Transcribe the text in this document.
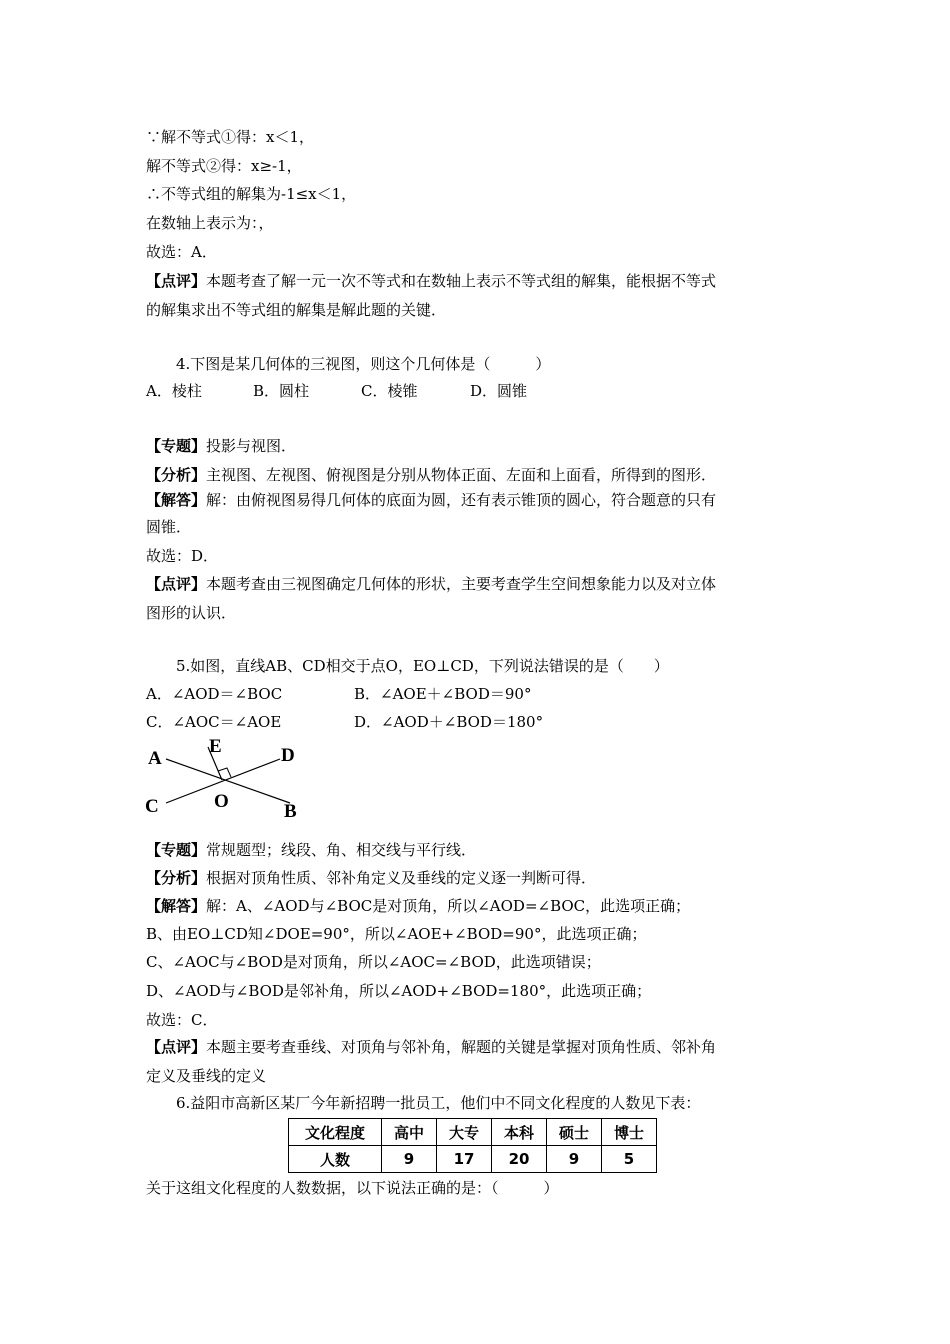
∵解不等式①得：x＜1，
解不等式②得：x≥-1，
∴不等式组的解集为-1≤x＜1，
在数轴上表示为：，
故选：A．
【点评】本题考查了解一元一次不等式和在数轴上表示不等式组的解集，能根据不等式
的解集求出不等式组的解集是解此题的关键．
4.下图是某几何体的三视图，则这个几何体是（　　　）
A．棱柱	B．圆柱	C．棱锥	D．圆锥
【专题】投影与视图．
【分析】主视图、左视图、俯视图是分别从物体正面、左面和上面看，所得到的图形．
【解答】解：由俯视图易得几何体的底面为圆，还有表示锥顶的圆心，符合题意的只有
圆锥．
故选：D．
【点评】本题考查由三视图确定几何体的形状，主要考查学生空间想象能力以及对立体
图形的认识．
5.如图，直线AB、CD相交于点O，EO⊥CD，下列说法错误的是（　　）
A．∠AOD＝∠BOC	B．∠AOE＋∠BOD＝90°
C．∠AOC＝∠AOE	D．∠AOD＋∠BOD＝180°
A
B
C
D
E
O
【专题】常规题型；线段、角、相交线与平行线．
【分析】根据对顶角性质、邻补角定义及垂线的定义逐一判断可得．
【解答】解：A、∠AOD与∠BOC是对顶角，所以∠AOD=∠BOC，此选项正确；
B、由EO⊥CD知∠DOE=90°，所以∠AOE+∠BOD=90°，此选项正确；
C、∠AOC与∠BOD是对顶角，所以∠AOC=∠BOD，此选项错误；
D、∠AOD与∠BOD是邻补角，所以∠AOD+∠BOD=180°，此选项正确；
故选：C．
【点评】本题主要考查垂线、对顶角与邻补角，解题的关键是掌握对顶角性质、邻补角
定义及垂线的定义
6.益阳市高新区某厂今年新招聘一批员工，他们中不同文化程度的人数见下表：
文化程度	高中	大专	本科	硕士	博士
人数	9	17	20	9	5
关于这组文化程度的人数数据，以下说法正确的是：（　　　）
